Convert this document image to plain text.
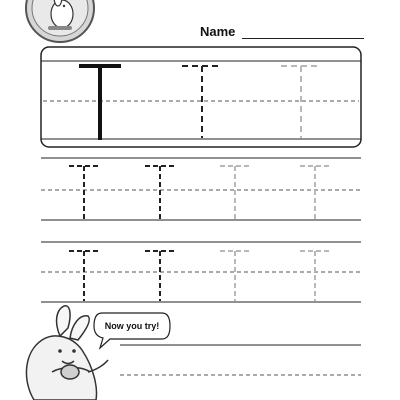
Name
Now you try!
